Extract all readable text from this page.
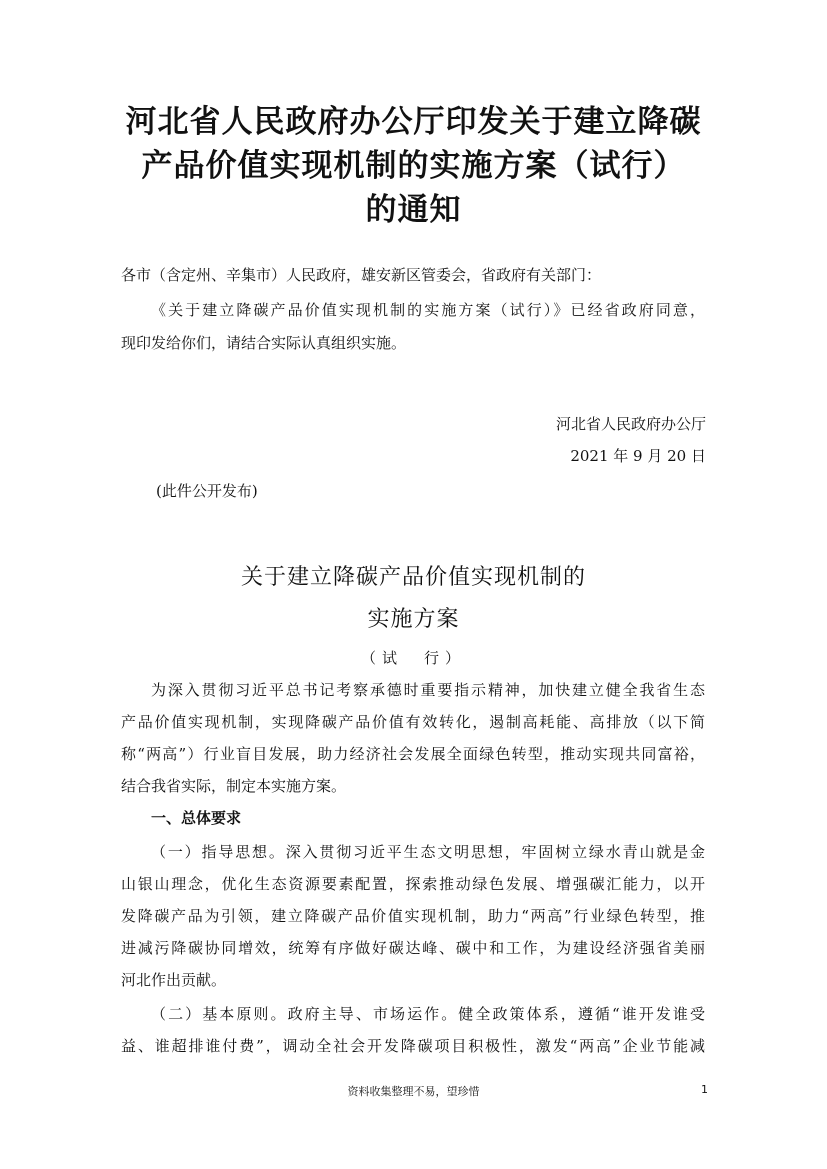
河北省人民政府办公厅印发关于建立降碳
产品价值实现机制的实施方案（试行）
的通知
各市（含定州、辛集市）人民政府，雄安新区管委会，省政府有关部门：
《关于建立降碳产品价值实现机制的实施方案（试行）》已经省政府同意，
现印发给你们，请结合实际认真组织实施。
河北省人民政府办公厅
2021 年 9 月 20 日
(此件公开发布)
关于建立降碳产品价值实现机制的
实施方案
（试　行）
为深入贯彻习近平总书记考察承德时重要指示精神，加快建立健全我省生态
产品价值实现机制，实现降碳产品价值有效转化，遏制高耗能、高排放（以下简
称“两高”）行业盲目发展，助力经济社会发展全面绿色转型，推动实现共同富裕，
结合我省实际，制定本实施方案。
一、总体要求
（一）指导思想。深入贯彻习近平生态文明思想，牢固树立绿水青山就是金
山银山理念，优化生态资源要素配置，探索推动绿色发展、增强碳汇能力，以开
发降碳产品为引领，建立降碳产品价值实现机制，助力“两高”行业绿色转型，推
进减污降碳协同增效，统筹有序做好碳达峰、碳中和工作，为建设经济强省美丽
河北作出贡献。
（二）基本原则。政府主导、市场运作。健全政策体系，遵循“谁开发谁受
益、谁超排谁付费”，调动全社会开发降碳项目积极性，激发“两高”企业节能减
资料收集整理不易，望珍惜	1
